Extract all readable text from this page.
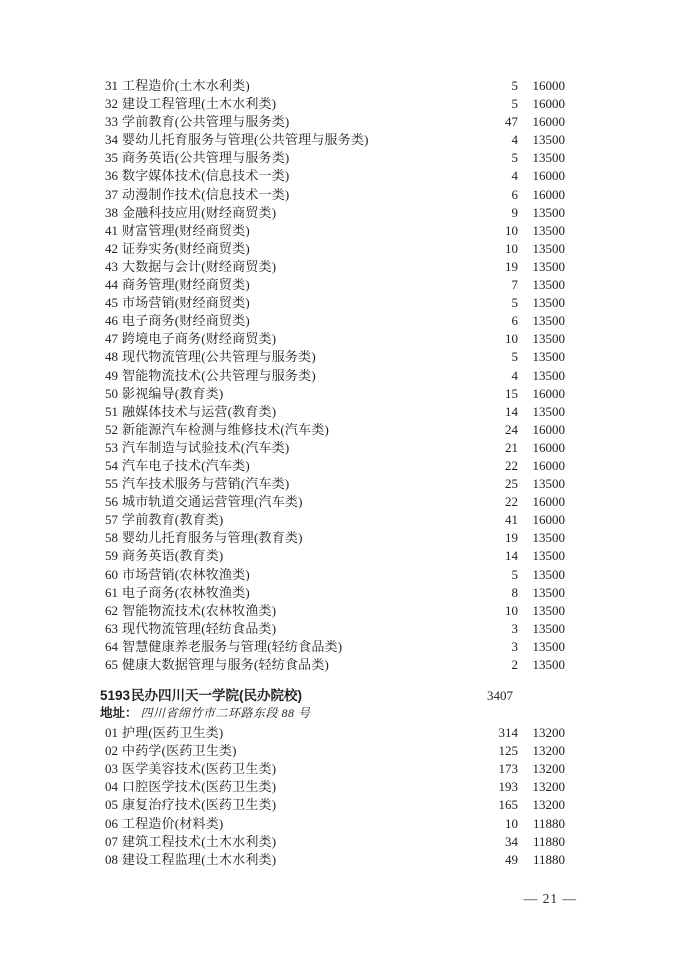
31 工程造价(土木水利类)	5	16000
32 建设工程管理(土木水利类)	5	16000
33 学前教育(公共管理与服务类)	47	16000
34 婴幼儿托育服务与管理(公共管理与服务类)	4	13500
35 商务英语(公共管理与服务类)	5	13500
36 数字媒体技术(信息技术一类)	4	16000
37 动漫制作技术(信息技术一类)	6	16000
38 金融科技应用(财经商贸类)	9	13500
41 财富管理(财经商贸类)	10	13500
42 证券实务(财经商贸类)	10	13500
43 大数据与会计(财经商贸类)	19	13500
44 商务管理(财经商贸类)	7	13500
45 市场营销(财经商贸类)	5	13500
46 电子商务(财经商贸类)	6	13500
47 跨境电子商务(财经商贸类)	10	13500
48 现代物流管理(公共管理与服务类)	5	13500
49 智能物流技术(公共管理与服务类)	4	13500
50 影视编导(教育类)	15	16000
51 融媒体技术与运营(教育类)	14	13500
52 新能源汽车检测与维修技术(汽车类)	24	16000
53 汽车制造与试验技术(汽车类)	21	16000
54 汽车电子技术(汽车类)	22	16000
55 汽车技术服务与营销(汽车类)	25	13500
56 城市轨道交通运营管理(汽车类)	22	16000
57 学前教育(教育类)	41	16000
58 婴幼儿托育服务与管理(教育类)	19	13500
59 商务英语(教育类)	14	13500
60 市场营销(农林牧渔类)	5	13500
61 电子商务(农林牧渔类)	8	13500
62 智能物流技术(农林牧渔类)	10	13500
63 现代物流管理(轻纺食品类)	3	13500
64 智慧健康养老服务与管理(轻纺食品类)	3	13500
65 健康大数据管理与服务(轻纺食品类)	2	13500
5193 民办四川天一学院(民办院校)	3407
地址： 四川省绵竹市二环路东段 88 号
01 护理(医药卫生类)	314	13200
02 中药学(医药卫生类)	125	13200
03 医学美容技术(医药卫生类)	173	13200
04 口腔医学技术(医药卫生类)	193	13200
05 康复治疗技术(医药卫生类)	165	13200
06 工程造价(材料类)	10	11880
07 建筑工程技术(土木水利类)	34	11880
08 建设工程监理(土木水利类)	49	11880
— 21 —
